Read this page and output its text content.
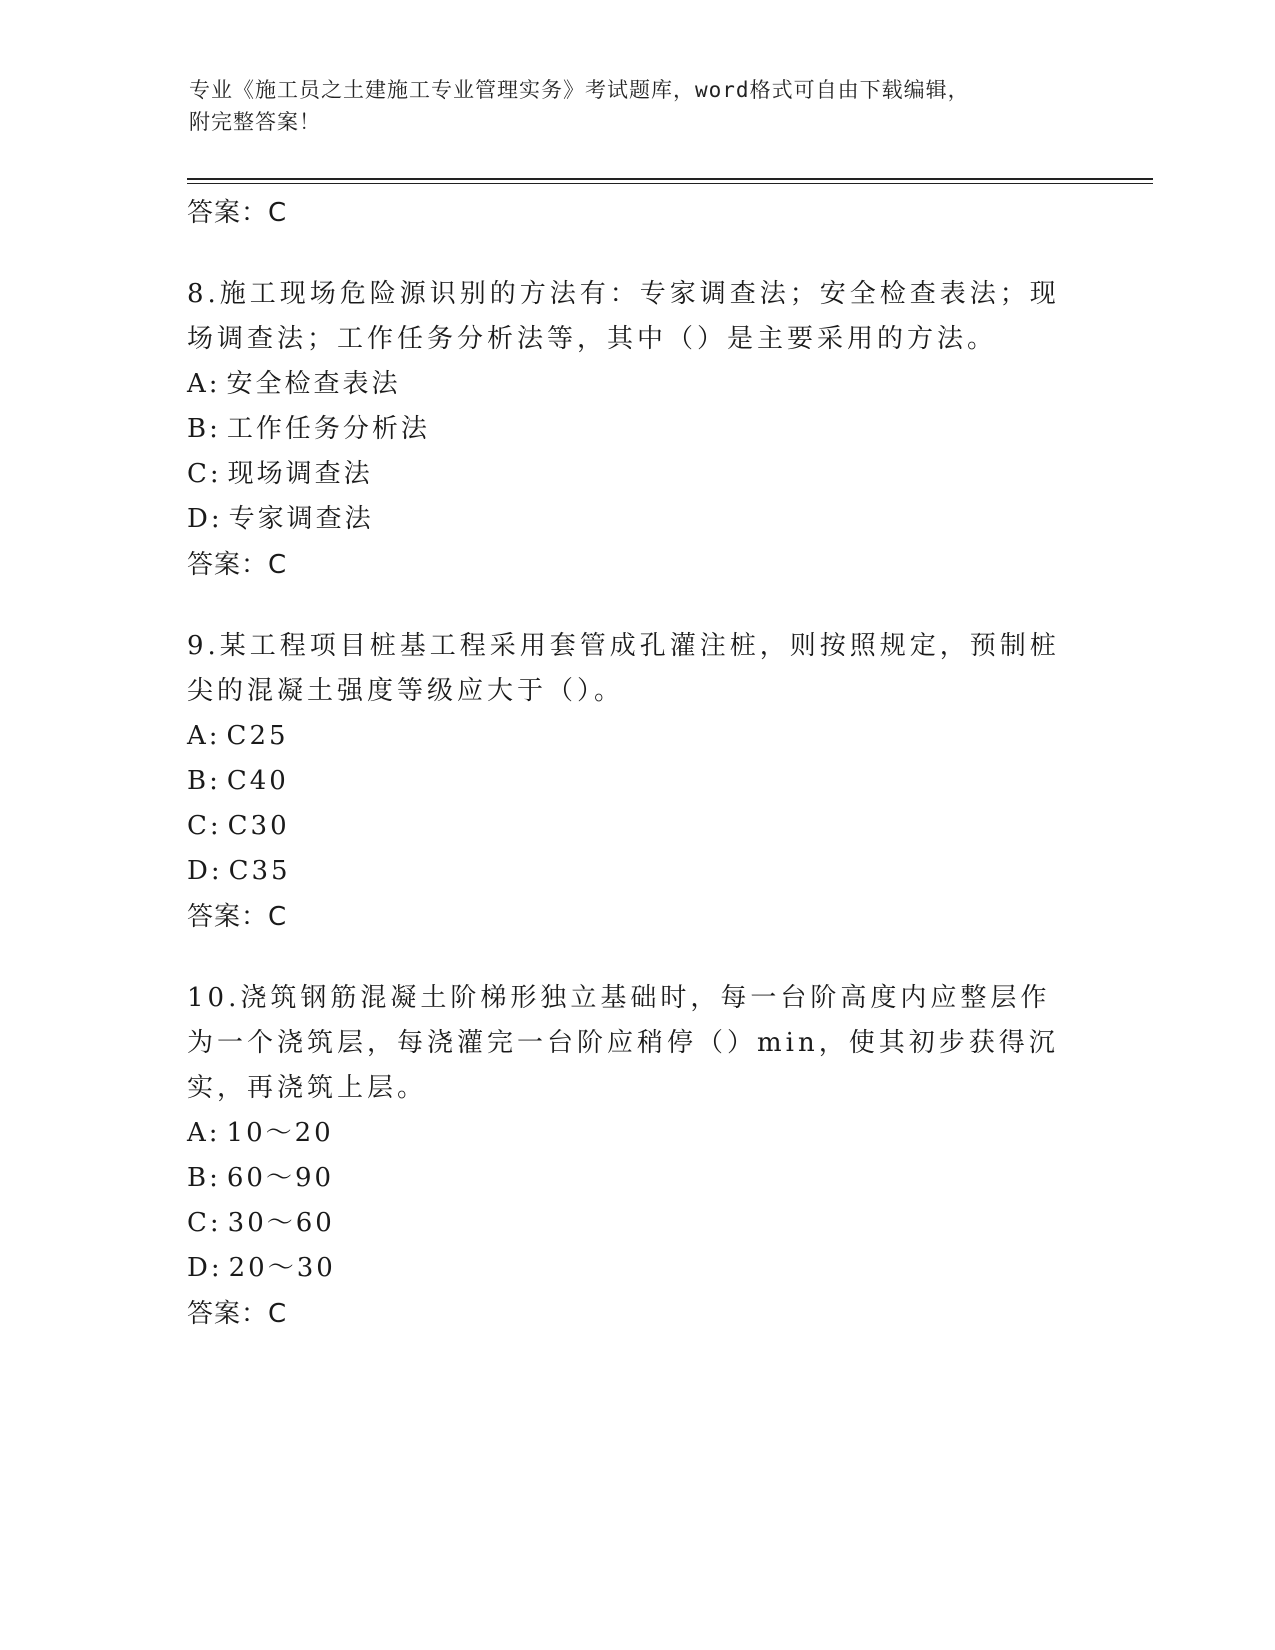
专业《施工员之土建施工专业管理实务》考试题库，word格式可自由下载编辑，
附完整答案！
答案：C
8.施工现场危险源识别的方法有：专家调查法；安全检查表法；现场调查法；工作任务分析法等，其中（）是主要采用的方法。
A: 安全检查表法
B: 工作任务分析法
C: 现场调查法
D: 专家调查法
答案：C
9.某工程项目桩基工程采用套管成孔灌注桩，则按照规定，预制桩尖的混凝土强度等级应大于（）。
A: C25
B: C40
C: C30
D: C35
答案：C
10.浇筑钢筋混凝土阶梯形独立基础时，每一台阶高度内应整层作为一个浇筑层，每浇灌完一台阶应稍停（）min，使其初步获得沉实，再浇筑上层。
A: 10～20
B: 60～90
C: 30～60
D: 20～30
答案：C
